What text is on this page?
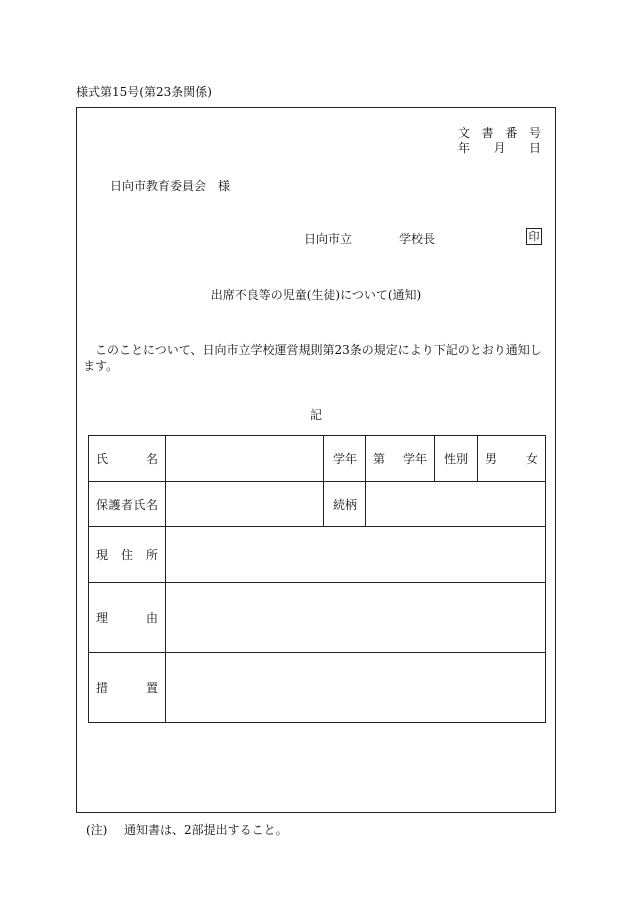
様式第15号(第23条関係)
文 書 番 号
年 月 日
日向市教育委員会　様
日向市立	学校長	印
出席不良等の児童(生徒)について(通知)
このことについて、日向市立学校運営規則第23条の規定により下記のとおり通知します。
記
氏 名		学 年	第 学年	性 別	男 女

保 護 者 氏 名		続 柄			

現 住 所					

理 由					

措 置					

(注) 通知書は、2部提出すること。
